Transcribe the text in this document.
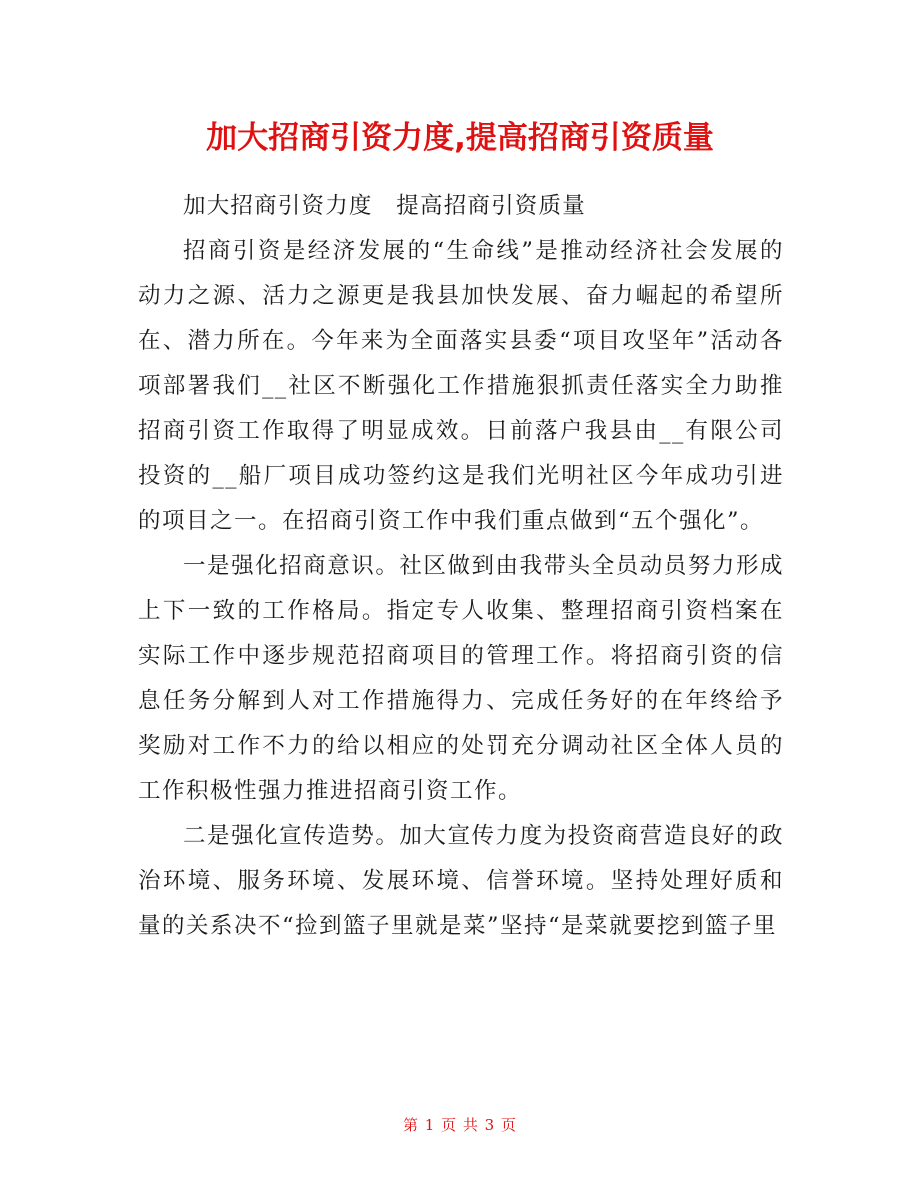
加大招商引资力度,提高招商引资质量

加大招商引资力度　提高招商引资质量

招商引资是经济发展的“生命线”是推动经济社会发展的动力之源、活力之源更是我县加快发展、奋力崛起的希望所在、潜力所在。今年来为全面落实县委“项目攻坚年”活动各项部署我们__社区不断强化工作措施狠抓责任落实全力助推招商引资工作取得了明显成效。日前落户我县由__有限公司投资的__船厂项目成功签约这是我们光明社区今年成功引进的项目之一。在招商引资工作中我们重点做到“五个强化”。

一是强化招商意识。社区做到由我带头全员动员努力形成上下一致的工作格局。指定专人收集、整理招商引资档案在实际工作中逐步规范招商项目的管理工作。将招商引资的信息任务分解到人对工作措施得力、完成任务好的在年终给予奖励对工作不力的给以相应的处罚充分调动社区全体人员的工作积极性强力推进招商引资工作。

二是强化宣传造势。加大宣传力度为投资商营造良好的政治环境、服务环境、发展环境、信誉环境。坚持处理好质和量的关系决不“捡到篮子里就是菜”坚持“是菜就要挖到篮子里

第 1 页 共 3 页
